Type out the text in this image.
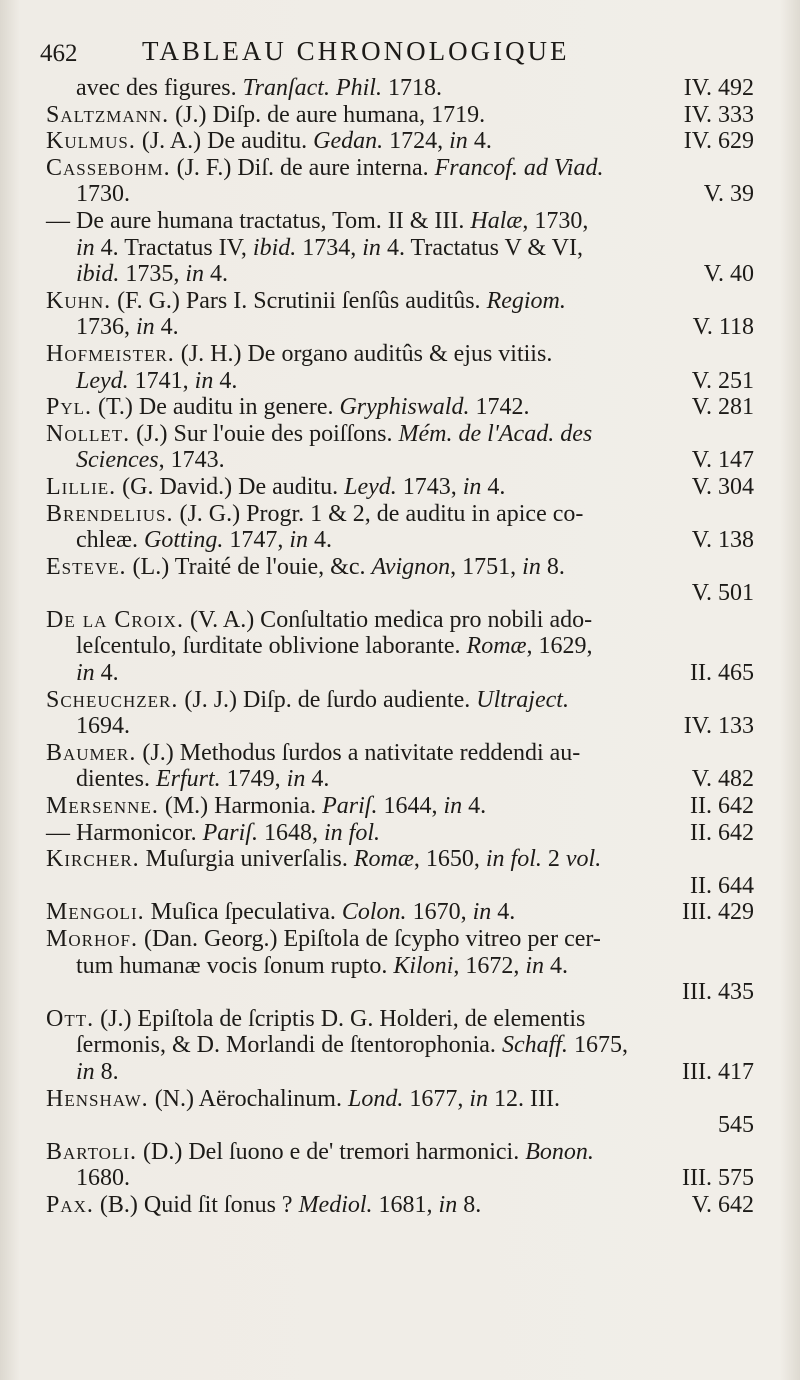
462 TABLEAU CHRONOLOGIQUE
avec des figures. Tranſact. Phil. 1718.	IV. 492
Saltzmann. (J.) Diſp. de aure humana, 1719.	IV. 333
Kulmus. (J. A.) De auditu. Gedan. 1724, in 4.	IV. 629
Cassebohm. (J. F.) Diſ. de aure interna. Francof. ad Viad.
1730.	V. 39
— De aure humana tractatus, Tom. II & III. Halæ, 1730,
in 4. Tractatus IV, ibid. 1734, in 4. Tractatus V & VI,
ibid. 1735, in 4.	V. 40
Kuhn. (F. G.) Pars I. Scrutinii ſenſûs auditûs. Regiom.
1736, in 4.	V. 118
Hofmeister. (J. H.) De organo auditûs & ejus vitiis.
Leyd. 1741, in 4.	V. 251
Pyl. (T.) De auditu in genere. Gryphiswald. 1742.	V. 281
Nollet. (J.) Sur l'ouie des poiſſons. Mém. de l'Acad. des
Sciences, 1743.	V. 147
Lillie. (G. David.) De auditu. Leyd. 1743, in 4.	V. 304
Brendelius. (J. G.) Progr. 1 & 2, de auditu in apice co-
chleæ. Gotting. 1747, in 4.	V. 138
Esteve. (L.) Traité de l'ouie, &c. Avignon, 1751, in 8.
V. 501
De la Croix. (V. A.) Conſultatio medica pro nobili ado-
leſcentulo, ſurditate oblivione laborante. Romæ, 1629,
in 4.	II. 465
Scheuchzer. (J. J.) Diſp. de ſurdo audiente. Ultraject.
1694.	IV. 133
Baumer. (J.) Methodus ſurdos a nativitate reddendi au-
dientes. Erfurt. 1749, in 4.	V. 482
Mersenne. (M.) Harmonia. Pariſ. 1644, in 4.	II. 642
— Harmonicor. Pariſ. 1648, in fol.	II. 642
Kircher. Muſurgia univerſalis. Romæ, 1650, in fol. 2 vol.
II. 644
Mengoli. Muſica ſpeculativa. Colon. 1670, in 4.	III. 429
Morhof. (Dan. Georg.) Epiſtola de ſcypho vitreo per cer-
tum humanæ vocis ſonum rupto. Kiloni, 1672, in 4.
III. 435
Ott. (J.) Epiſtola de ſcriptis D. G. Holderi, de elementis
ſermonis, & D. Morlandi de ſtentorophonia. Schaff. 1675,
in 8.	III. 417
Henshaw. (N.) Aërochalinum. Lond. 1677, in 12. III.
545
Bartoli. (D.) Del ſuono e de' tremori harmonici. Bonon.
1680.	III. 575
Pax. (B.) Quid ſit ſonus ? Mediol. 1681, in 8.	V. 642
